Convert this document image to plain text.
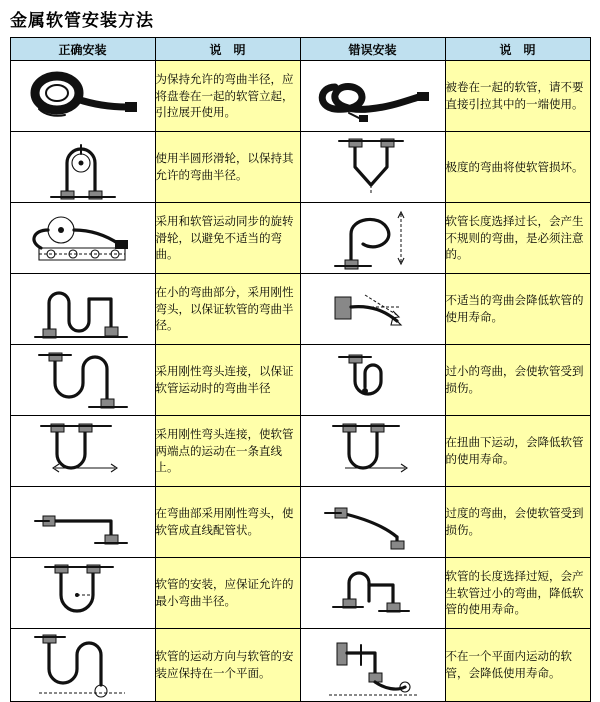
金属软管安装方法
正确安装	说　明	错误安装	说　明

	为保持允许的弯曲半径，应将盘卷在一起的软管立起，引拉展开使用。		被卷在一起的软管，请不要直接引拉其中的一端使用。

	使用半圆形滑轮，以保持其允许的弯曲半径。		极度的弯曲将使软管损坏。

	采用和软管运动同步的旋转滑轮，以避免不适当的弯曲。		软管长度选择过长，会产生不规则的弯曲，是必须注意的。

	在小的弯曲部分，采用刚性弯头，以保证软管的弯曲半径。		不适当的弯曲会降低软管的使用寿命。

	采用刚性弯头连接，以保证软管运动时的弯曲半径		过小的弯曲，会使软管受到损伤。

	采用刚性弯头连接，使软管两端点的运动在一条直线上。		在扭曲下运动，会降低软管的使用寿命。

	在弯曲部采用刚性弯头，使软管成直线配管状。		过度的弯曲，会使软管受到损伤。

	软管的安装，应保证允许的最小弯曲半径。		软管的长度选择过短，会产生软管过小的弯曲，降低软管的使用寿命。

	软管的运动方向与软管的安装应保持在一个平面。		不在一个平面内运动的软管，会降低使用寿命。
